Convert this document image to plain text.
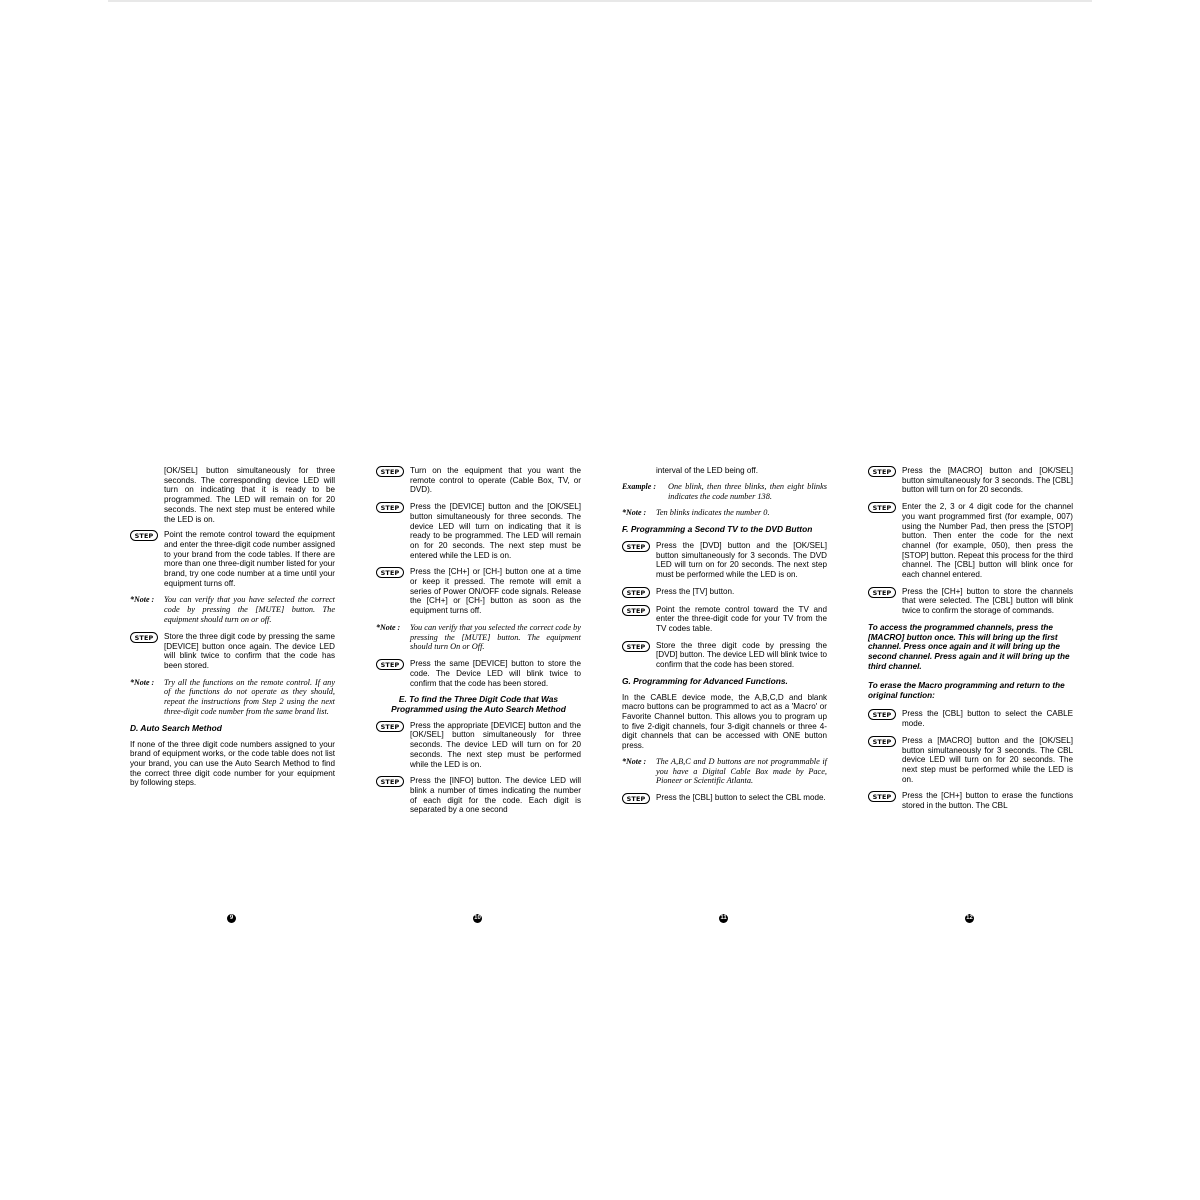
[OK/SEL] button simultaneously for three seconds. The corresponding device LED will turn on indicating that it is ready to be programmed. The LED will remain on for 20 seconds. The next step must be entered while the LED is on.

STEP	Point the remote control toward the equipment and enter the three-digit code number assigned to your brand from the code tables. If there are more than one three-digit number listed for your brand, try one code number at a time until your equipment turns off.
*Note :	You can verify that you have selected the correct code by pressing the [MUTE] button. The equipment should turn on or off.
STEP	Store the three digit code by pressing the same [DEVICE] button once again. The device LED will blink twice to confirm that the code has been stored.
*Note :	Try all the functions on the remote control. If any of the functions do not operate as they should, repeat the instructions from Step 2 using the next three-digit code number from the same brand list.
D. Auto Search Method

If none of the three digit code numbers assigned to your brand of equipment works, or the code table does not list your brand, you can use the Auto Search Method to find the correct three digit code number for your equipment by following steps.

STEP	Turn on the equipment that you want the remote control to operate (Cable Box, TV, or DVD).
STEP	Press the [DEVICE] button and the [OK/SEL] button simultaneously for three seconds. The device LED will turn on indicating that it is ready to be programmed. The LED will remain on for 20 seconds. The next step must be entered while the LED is on.
STEP	Press the [CH+] or [CH-] button one at a time or keep it pressed. The remote will emit a series of Power ON/OFF code signals. Release the [CH+] or [CH-] button as soon as the equipment turns off.
*Note :	You can verify that you selected the correct code by pressing the [MUTE] button. The equipment should turn On or Off.
STEP	Press the same [DEVICE] button to store the code. The Device LED will blink twice to confirm that the code has been stored.
E. To find the Three Digit Code that Was Programmed using the Auto Search Method
STEP	Press the appropriate [DEVICE] button and the [OK/SEL] button simultaneously for three seconds. The device LED will turn on for 20 seconds. The next step must be performed while the LED is on.
STEP	Press the [INFO] button. The device LED will blink a number of times indicating the number of each digit for the code. Each digit is separated by a one second

interval of the LED being off.

Example :	One blink, then three blinks, then eight blinks indicates the code number 138.
*Note :	Ten blinks indicates the number 0.
F. Programming a Second TV to the DVD Button
STEP	Press the [DVD] button and the [OK/SEL] button simultaneously for 3 seconds. The DVD LED will turn on for 20 seconds. The next step must be performed while the LED is on.
STEP	Press the [TV] button.
STEP	Point the remote control toward the TV and enter the three-digit code for your TV from the TV codes table.
STEP	Store the three digit code by pressing the [DVD] button. The device LED will blink twice to confirm that the code has been stored.
G. Programming for Advanced Functions.

In the CABLE device mode, the A,B,C,D and blank macro buttons can be programmed to act as a 'Macro' or Favorite Channel button. This allows you to program up to five 2-digit channels, four 3-digit channels or three 4-digit channels that can be accessed with ONE button press.

*Note :	The A,B,C and D buttons are not programmable if you have a Digital Cable Box made by Pace, Pioneer or Scientific Atlanta.
STEP	Press the [CBL] button to select the CBL mode.
STEP	Press the [MACRO] button and [OK/SEL] button simultaneously for 3 seconds. The [CBL] button will turn on for 20 seconds.
STEP	Enter the 2, 3 or 4 digit code for the channel you want programmed first (for example, 007) using the Number Pad, then press the [STOP] button. Then enter the code for the next channel (for example, 050), then press the [STOP] button. Repeat this process for the third channel. The [CBL] button will blink once for each channel entered.
STEP	Press the [CH+] button to store the channels that were selected. The [CBL] button will blink twice to confirm the storage of commands.

To access the programmed channels, press the [MACRO] button once. This will bring up the first channel. Press once again and it will bring up the second channel. Press again and it will bring up the third channel.

To erase the Macro programming and return to the original function:

STEP	Press the [CBL] button to select the CABLE mode.
STEP	Press a [MACRO] button and the [OK/SEL] button simultaneously for 3 seconds. The CBL device LED will turn on for 20 seconds. The next step must be performed while the LED is on.
STEP	Press the [CH+] button to erase the functions stored in the button. The CBL
9	10	11	12
